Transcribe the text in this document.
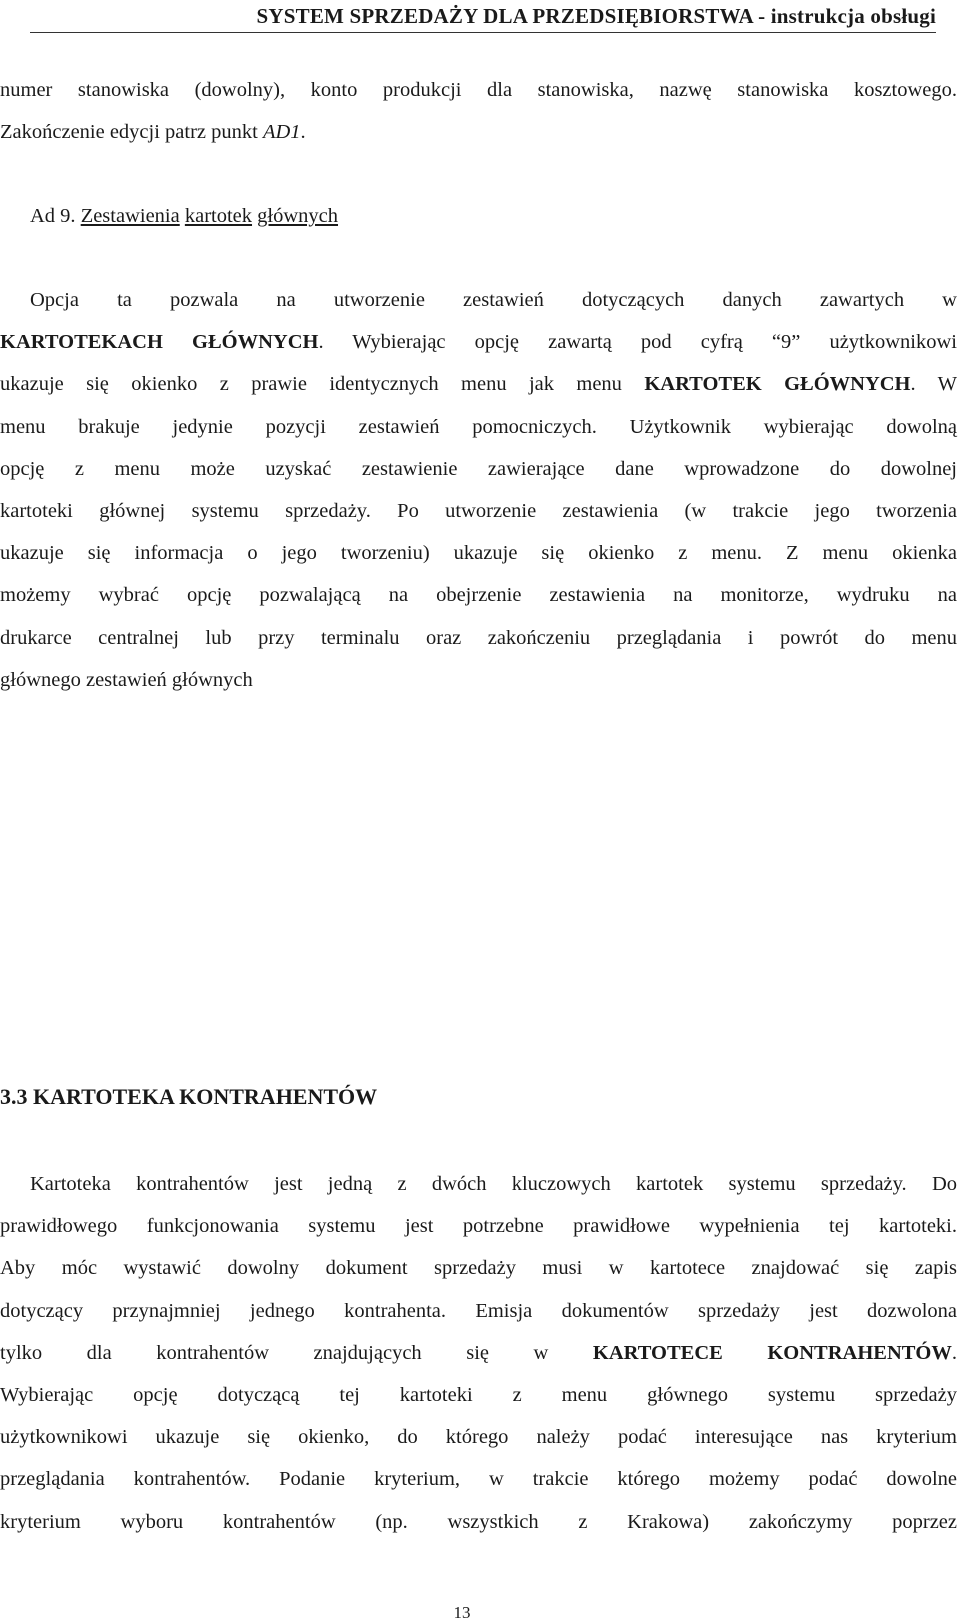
SYSTEM SPRZEDAŻY DLA PRZEDSIĘBIORSTWA - instrukcja obsługi
numer stanowiska (dowolny), konto produkcji dla stanowiska, nazwę stanowiska kosztowego.
Zakończenie edycji patrz punkt AD1.
Ad 9. Zestawienia kartotek głównych
Opcja ta pozwala na utworzenie zestawień dotyczących danych zawartych w
KARTOTEKACH GŁÓWNYCH. Wybierając opcję zawartą pod cyfrą “9” użytkownikowi
ukazuje się okienko z prawie identycznych menu jak menu KARTOTEK GŁÓWNYCH. W
menu brakuje jedynie pozycji zestawień pomocniczych. Użytkownik wybierając dowolną
opcję z menu może uzyskać zestawienie zawierające dane wprowadzone do dowolnej
kartoteki głównej systemu sprzedaży. Po utworzenie zestawienia (w trakcie jego tworzenia
ukazuje się informacja o jego tworzeniu) ukazuje się okienko z menu. Z menu okienka
możemy wybrać opcję pozwalającą na obejrzenie zestawienia na monitorze, wydruku na
drukarce centralnej lub przy terminalu oraz zakończeniu przeglądania i powrót do menu
głównego zestawień głównych
3.3 KARTOTEKA KONTRAHENTÓW
Kartoteka kontrahentów jest jedną z dwóch kluczowych kartotek systemu sprzedaży. Do
prawidłowego funkcjonowania systemu jest potrzebne prawidłowe wypełnienia tej kartoteki.
Aby móc wystawić dowolny dokument sprzedaży musi w kartotece znajdować się zapis
dotyczący przynajmniej jednego kontrahenta. Emisja dokumentów sprzedaży jest dozwolona
tylko dla kontrahentów znajdujących się w KARTOTECE KONTRAHENTÓW.
Wybierając opcję dotyczącą tej kartoteki z menu głównego systemu sprzedaży
użytkownikowi ukazuje się okienko, do którego należy podać interesujące nas kryterium
przeglądania kontrahentów. Podanie kryterium, w trakcie którego możemy podać dowolne
kryterium wyboru kontrahentów (np. wszystkich z Krakowa) zakończymy poprzez
13
